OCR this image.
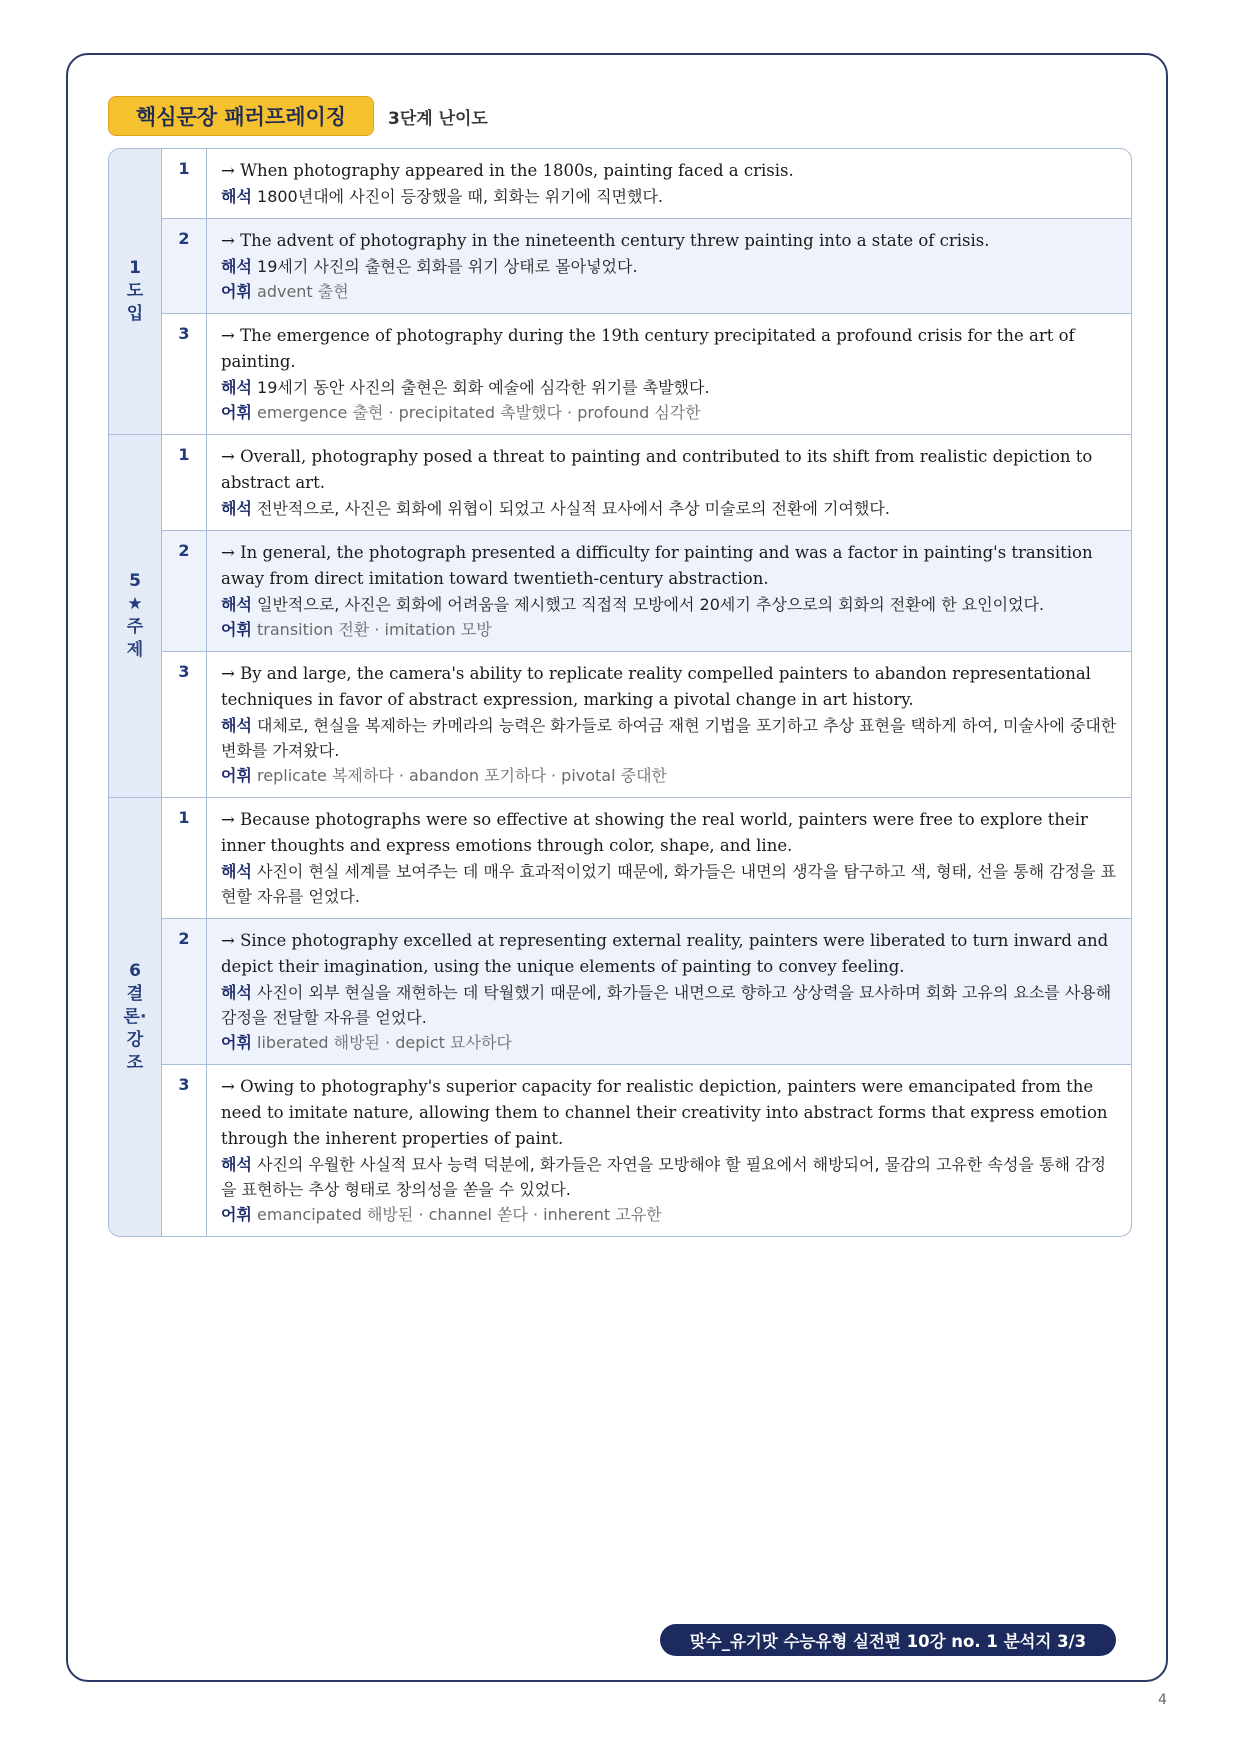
핵심문장 패러프레이징	3단계 난이도
1
도
입
1	→ When photography appeared in the 1800s, painting faced a crisis.
해석 1800년대에 사진이 등장했을 때, 회화는 위기에 직면했다.
2	→ The advent of photography in the nineteenth century threw painting into a state of crisis.
해석 19세기 사진의 출현은 회화를 위기 상태로 몰아넣었다.
어휘 advent 출현
3	→ The emergence of photography during the 19th century precipitated a profound crisis for the art of painting.
해석 19세기 동안 사진의 출현은 회화 예술에 심각한 위기를 촉발했다.
어휘 emergence 출현 · precipitated 촉발했다 · profound 심각한
5
★
주
제
1	→ Overall, photography posed a threat to painting and contributed to its shift from realistic depiction to abstract art.
해석 전반적으로, 사진은 회화에 위협이 되었고 사실적 묘사에서 추상 미술로의 전환에 기여했다.
2	→ In general, the photograph presented a difficulty for painting and was a factor in painting's transition away from direct imitation toward twentieth-century abstraction.
해석 일반적으로, 사진은 회화에 어려움을 제시했고 직접적 모방에서 20세기 추상으로의 회화의 전환에 한 요인이었다.
어휘 transition 전환 · imitation 모방
3	→ By and large, the camera's ability to replicate reality compelled painters to abandon representational techniques in favor of abstract expression, marking a pivotal change in art history.
해석 대체로, 현실을 복제하는 카메라의 능력은 화가들로 하여금 재현 기법을 포기하고 추상 표현을 택하게 하여, 미술사에 중대한 변화를 가져왔다.
어휘 replicate 복제하다 · abandon 포기하다 · pivotal 중대한
6
결
론·
강
조
1	→ Because photographs were so effective at showing the real world, painters were free to explore their inner thoughts and express emotions through color, shape, and line.
해석 사진이 현실 세계를 보여주는 데 매우 효과적이었기 때문에, 화가들은 내면의 생각을 탐구하고 색, 형태, 선을 통해 감정을 표현할 자유를 얻었다.
2	→ Since photography excelled at representing external reality, painters were liberated to turn inward and depict their imagination, using the unique elements of painting to convey feeling.
해석 사진이 외부 현실을 재현하는 데 탁월했기 때문에, 화가들은 내면으로 향하고 상상력을 묘사하며 회화 고유의 요소를 사용해 감정을 전달할 자유를 얻었다.
어휘 liberated 해방된 · depict 묘사하다
3	→ Owing to photography's superior capacity for realistic depiction, painters were emancipated from the need to imitate nature, allowing them to channel their creativity into abstract forms that express emotion through the inherent properties of paint.
해석 사진의 우월한 사실적 묘사 능력 덕분에, 화가들은 자연을 모방해야 할 필요에서 해방되어, 물감의 고유한 속성을 통해 감정을 표현하는 추상 형태로 창의성을 쏟을 수 있었다.
어휘 emancipated 해방된 · channel 쏟다 · inherent 고유한
맞수_유기맛 수능유형 실전편 10강 no. 1 분석지 3/3
4
